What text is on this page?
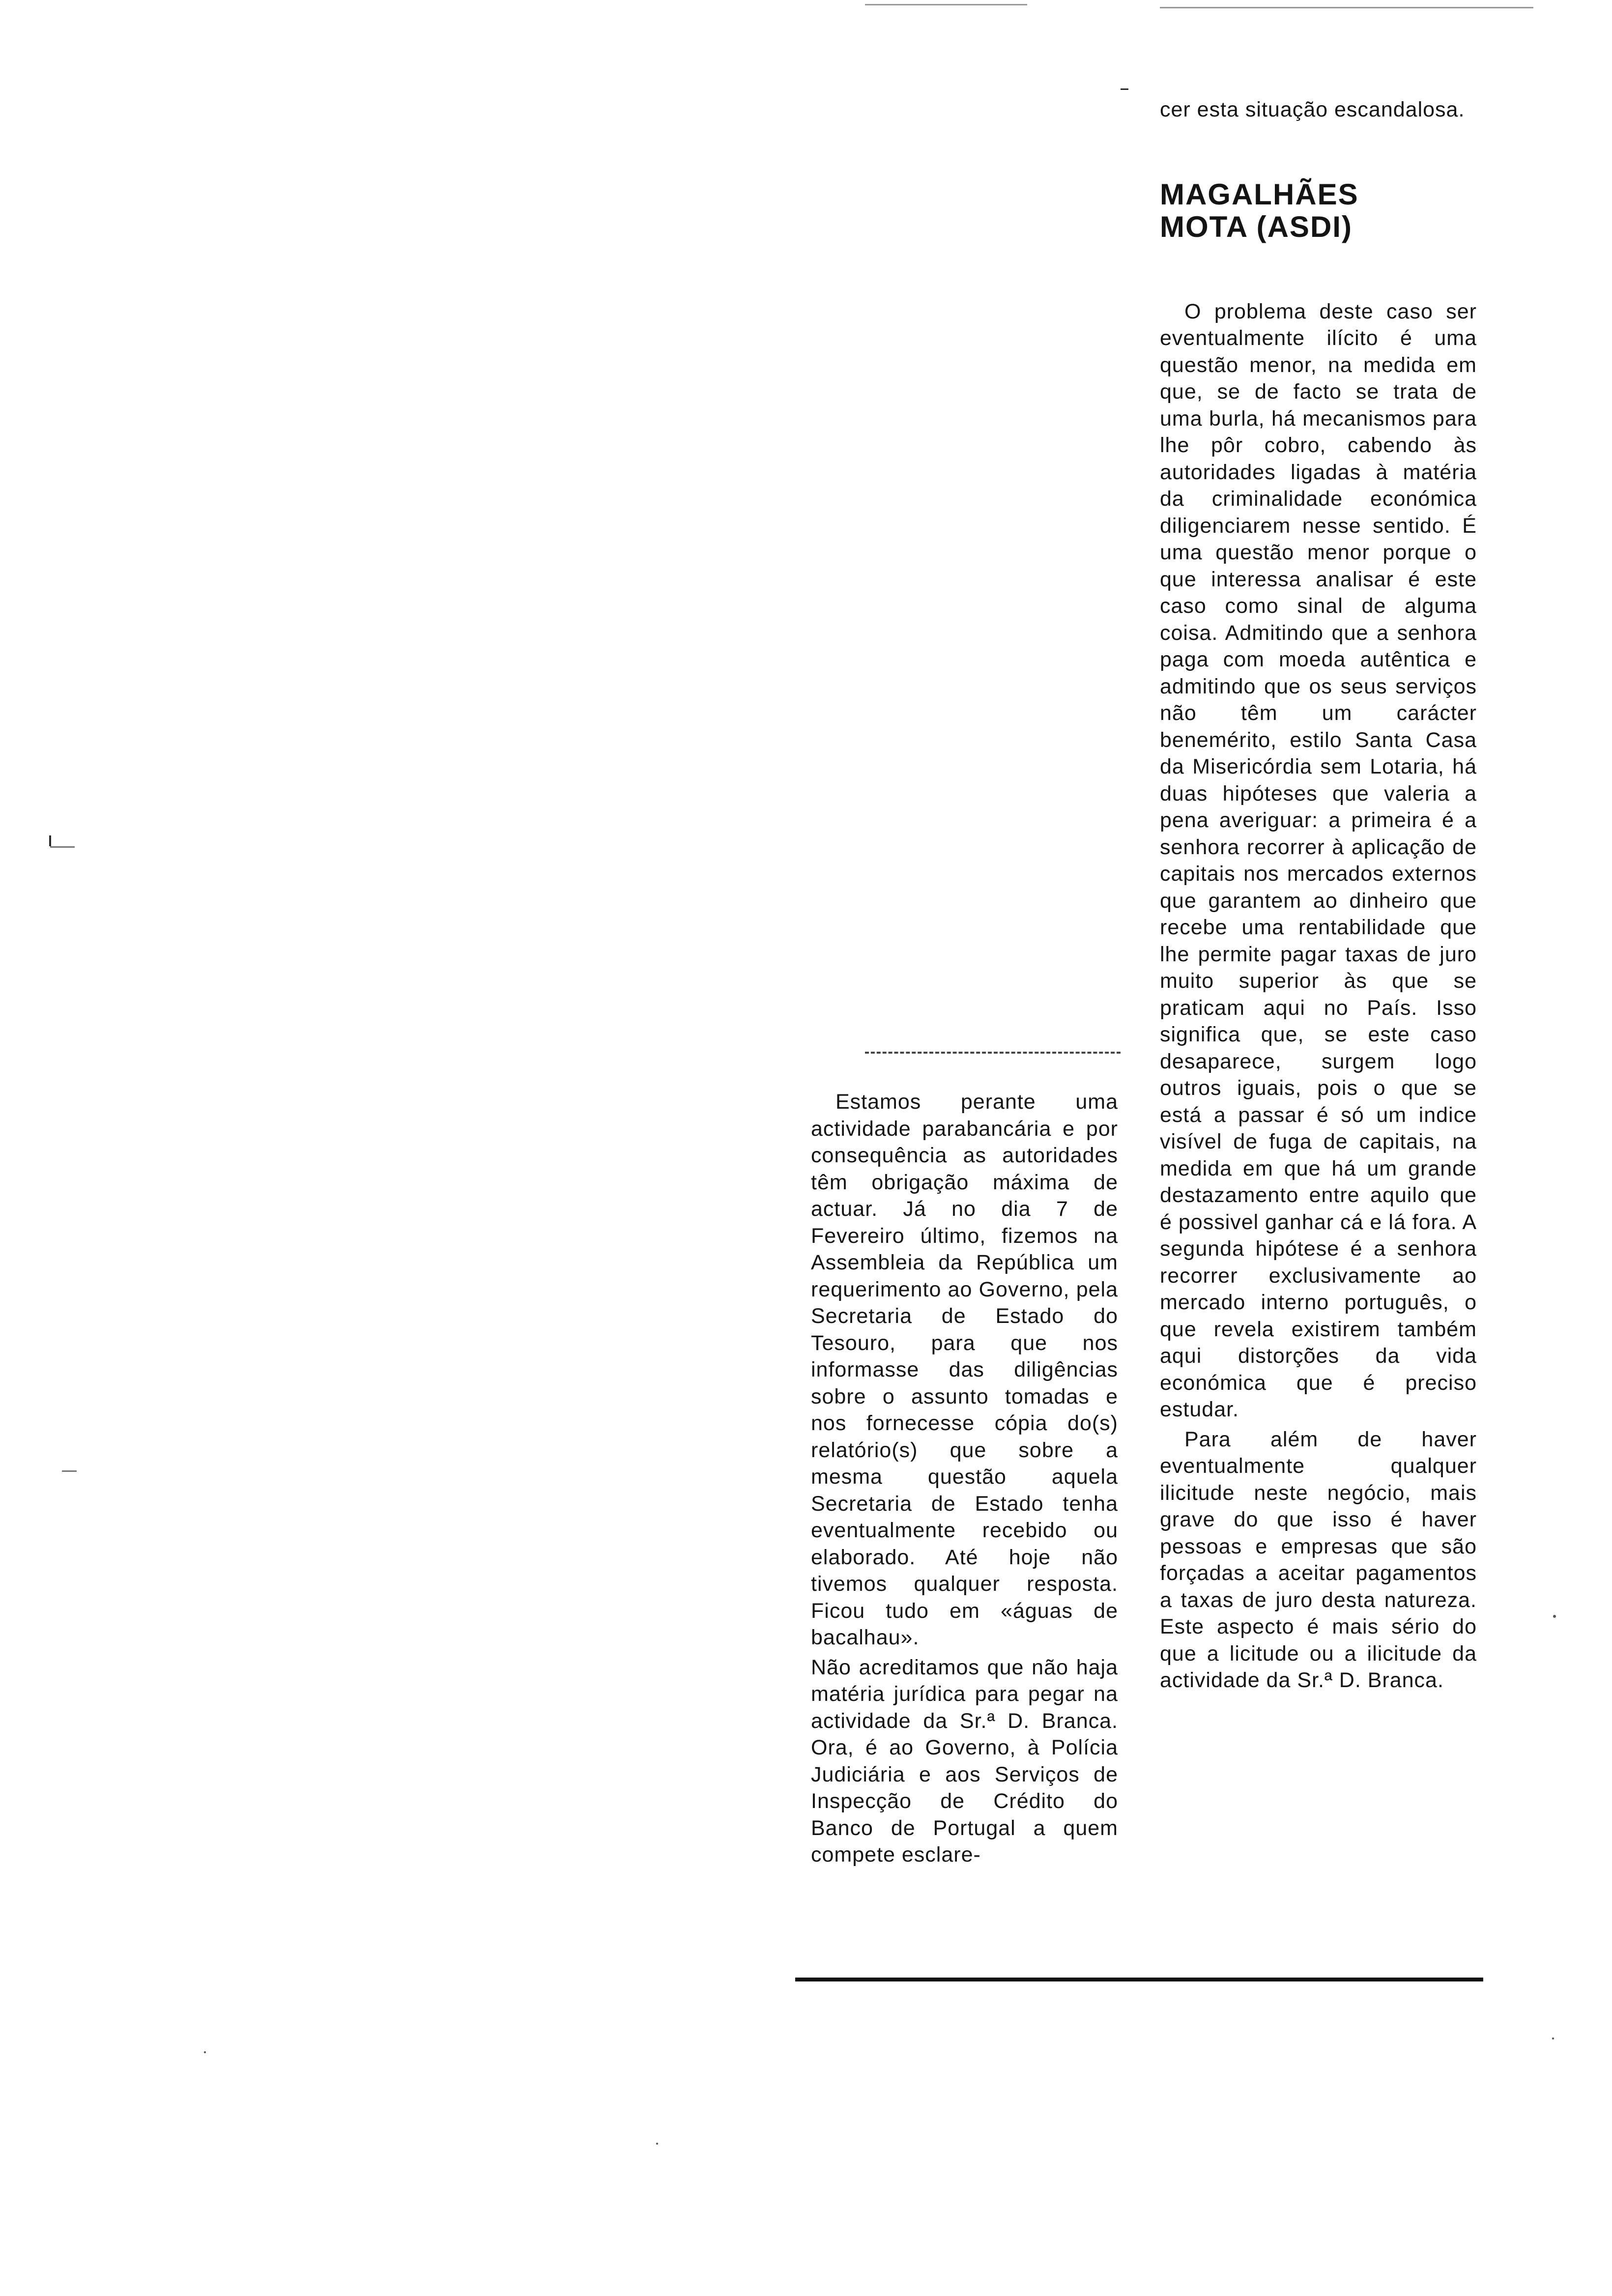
Estamos perante uma actividade parabancária e por consequência as autoridades têm obrigação máxima de actuar. Já no dia 7 de Fevereiro último, fizemos na Assembleia da República um requerimento ao Governo, pela Secretaria de Estado do Tesouro, para que nos informasse das diligências sobre o assunto tomadas e nos fornecesse cópia do(s) relatório(s) que sobre a mesma questão aquela Secretaria de Estado tenha eventualmente recebido ou elaborado. Até hoje não tivemos qualquer resposta. Ficou tudo em «águas de bacalhau».

Não acreditamos que não haja matéria jurídica para pegar na actividade da Sr.ª D. Branca. Ora, é ao Governo, à Polícia Judiciária e aos Serviços de Inspecção de Crédito do Banco de Portugal a quem compete esclare-

cer esta situação escandalosa.

MAGALHÃES
MOTA (ASDI)

O problema deste caso ser eventualmente ilícito é uma questão menor, na medida em que, se de facto se trata de uma burla, há mecanismos para lhe pôr cobro, cabendo às autoridades ligadas à matéria da criminalidade económica diligenciarem nesse sentido. É uma questão menor porque o que interessa analisar é este caso como sinal de alguma coisa. Admitindo que a senhora paga com moeda autêntica e admitindo que os seus serviços não têm um carácter benemérito, estilo Santa Casa da Misericórdia sem Lotaria, há duas hipóteses que valeria a pena averiguar: a primeira é a senhora recorrer à aplicação de capitais nos mercados externos que garantem ao dinheiro que recebe uma rentabilidade que lhe permite pagar taxas de juro muito superior às que se praticam aqui no País. Isso significa que, se este caso desaparece, surgem logo outros iguais, pois o que se está a passar é só um indice visível de fuga de capitais, na medida em que há um grande destazamento entre aquilo que é possivel ganhar cá e lá fora. A segunda hipótese é a senhora recorrer exclusivamente ao mercado interno português, o que revela existirem também aqui distorções da vida económica que é preciso estudar.

Para além de haver eventualmente qualquer ilicitude neste negócio, mais grave do que isso é haver pessoas e empresas que são forçadas a aceitar pagamentos a taxas de juro desta natureza. Este aspecto é mais sério do que a licitude ou a ilicitude da actividade da Sr.ª D. Branca.
